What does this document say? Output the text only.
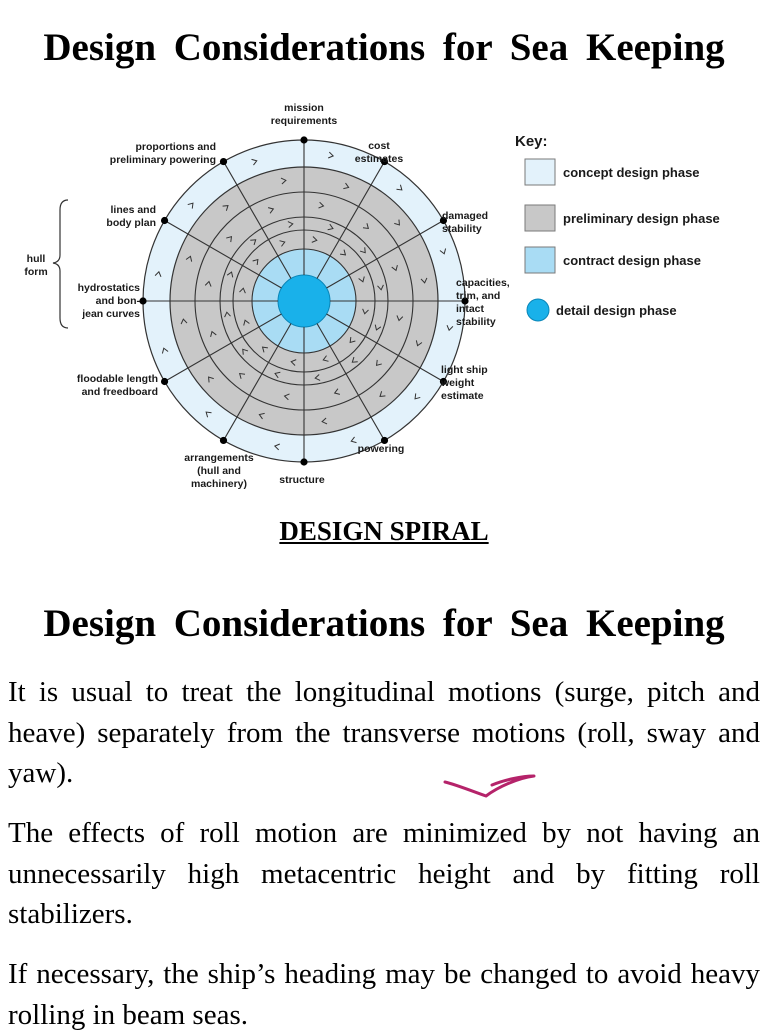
Design Considerations for Sea Keeping
mission requirements
cost estimates
damaged stability
capacities, trim, and intact stability
light ship weight estimate
powering
structure
arrangements (hull and machinery)
floodable length and freedboard
hydrostatics and bon-jean curves
lines and body plan
proportions and preliminary powering
hull form
Key:
concept design phase
preliminary design phase
contract design phase
detail design phase

DESIGN SPIRAL

Design Considerations for Sea Keeping

It is usual to treat the longitudinal motions (surge, pitch and heave) separately from the transverse motions (roll, sway and yaw).

The effects of roll motion are minimized by not having an unnecessarily high metacentric height and by fitting roll stabilizers.

If necessary, the ship’s heading may be changed to avoid heavy rolling in beam seas.
